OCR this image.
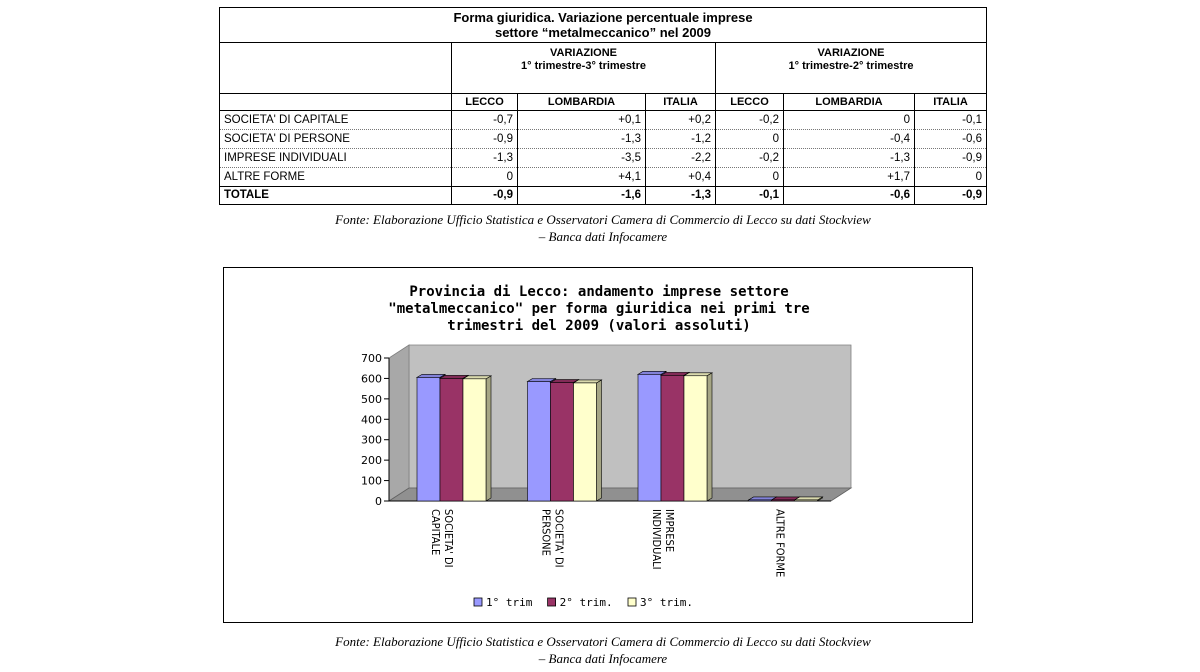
Forma giuridica. Variazione percentuale imprese
settore “metalmeccanico” nel 2009						
	VARIAZIONE
1° trimestre-3° trimestre			VARIAZIONE
1° trimestre-2° trimestre		
	LECCO	LOMBARDIA	ITALIA	LECCO	LOMBARDIA	ITALIA
SOCIETA' DI CAPITALE	-0,7	+0,1	+0,2	-0,2	0	-0,1
SOCIETA' DI PERSONE	-0,9	-1,3	-1,2	0	-0,4	-0,6
IMPRESE INDIVIDUALI	-1,3	-3,5	-2,2	-0,2	-1,3	-0,9
ALTRE FORME	0	+4,1	+0,4	0	+1,7	0
TOTALE	-0,9	-1,6	-1,3	-0,1	-0,6	-0,9
Fonte: Elaborazione Ufficio Statistica e Osservatori Camera di Commercio di Lecco su dati Stockview
– Banca dati Infocamere
Provincia di Lecco: andamento imprese settore
"metalmeccanico" per forma giuridica nei primi tre
trimestri del 2009 (valori assoluti)
0
100
200
300
400
500
600
700
SOCIETA' DI
CAPITALE	SOCIETA' DI
PERSONE	IMPRESE
INDIVIDUALI	ALTRE FORME
1° trim 2° trim. 3° trim.
Fonte: Elaborazione Ufficio Statistica e Osservatori Camera di Commercio di Lecco su dati Stockview
– Banca dati Infocamere
